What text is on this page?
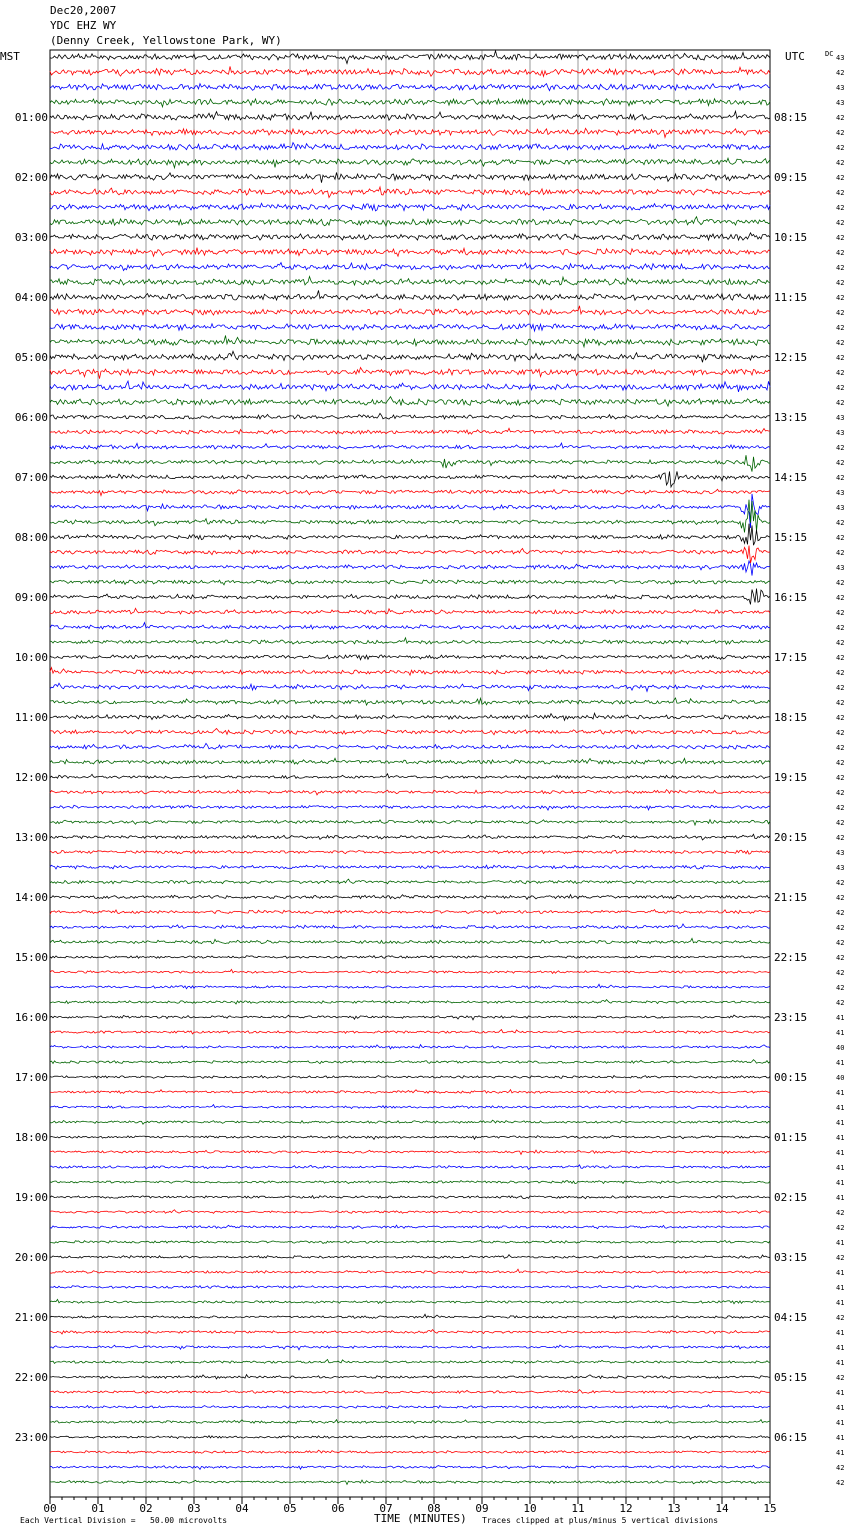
Dec20,2007
YDC EHZ WY
(Denny Creek, Yellowstone Park, WY)
MST	UTC	DC
00	01	02	03	04	05	06	07	08	09	10	11	12	13	14	15
43
42
43
43
42
42
42
42
42
42
42
42
42
42
42
42
42
42
42
42
42
42
42
42
43
43
42
42
42
43
43
42
42
42
43
42
42
42
42
42
42
42
42
42
42
42
42
42
42
42
42
42
42
43
43
42
42
42
42
42
42
42
42
42
41
41
40
41
40
41
41
41
41
41
41
41
41
42
42
41
42
41
41
41
42
41
41
41
42
41
41
41
41
41
42
42
01:00
02:00
03:00
04:00
05:00
06:00
07:00
08:00
09:00
10:00
11:00
12:00
13:00
14:00
15:00
16:00
17:00
18:00
19:00
20:00
21:00
22:00
23:00
08:15
09:15
10:15
11:15
12:15
13:15
14:15
15:15
16:15
17:15
18:15
19:15
20:15
21:15
22:15
23:15
00:15
01:15
02:15
03:15
04:15
05:15
06:15
TIME (MINUTES)
Each Vertical Division =   50.00 microvolts	Traces clipped at plus/minus 5 vertical divisions
